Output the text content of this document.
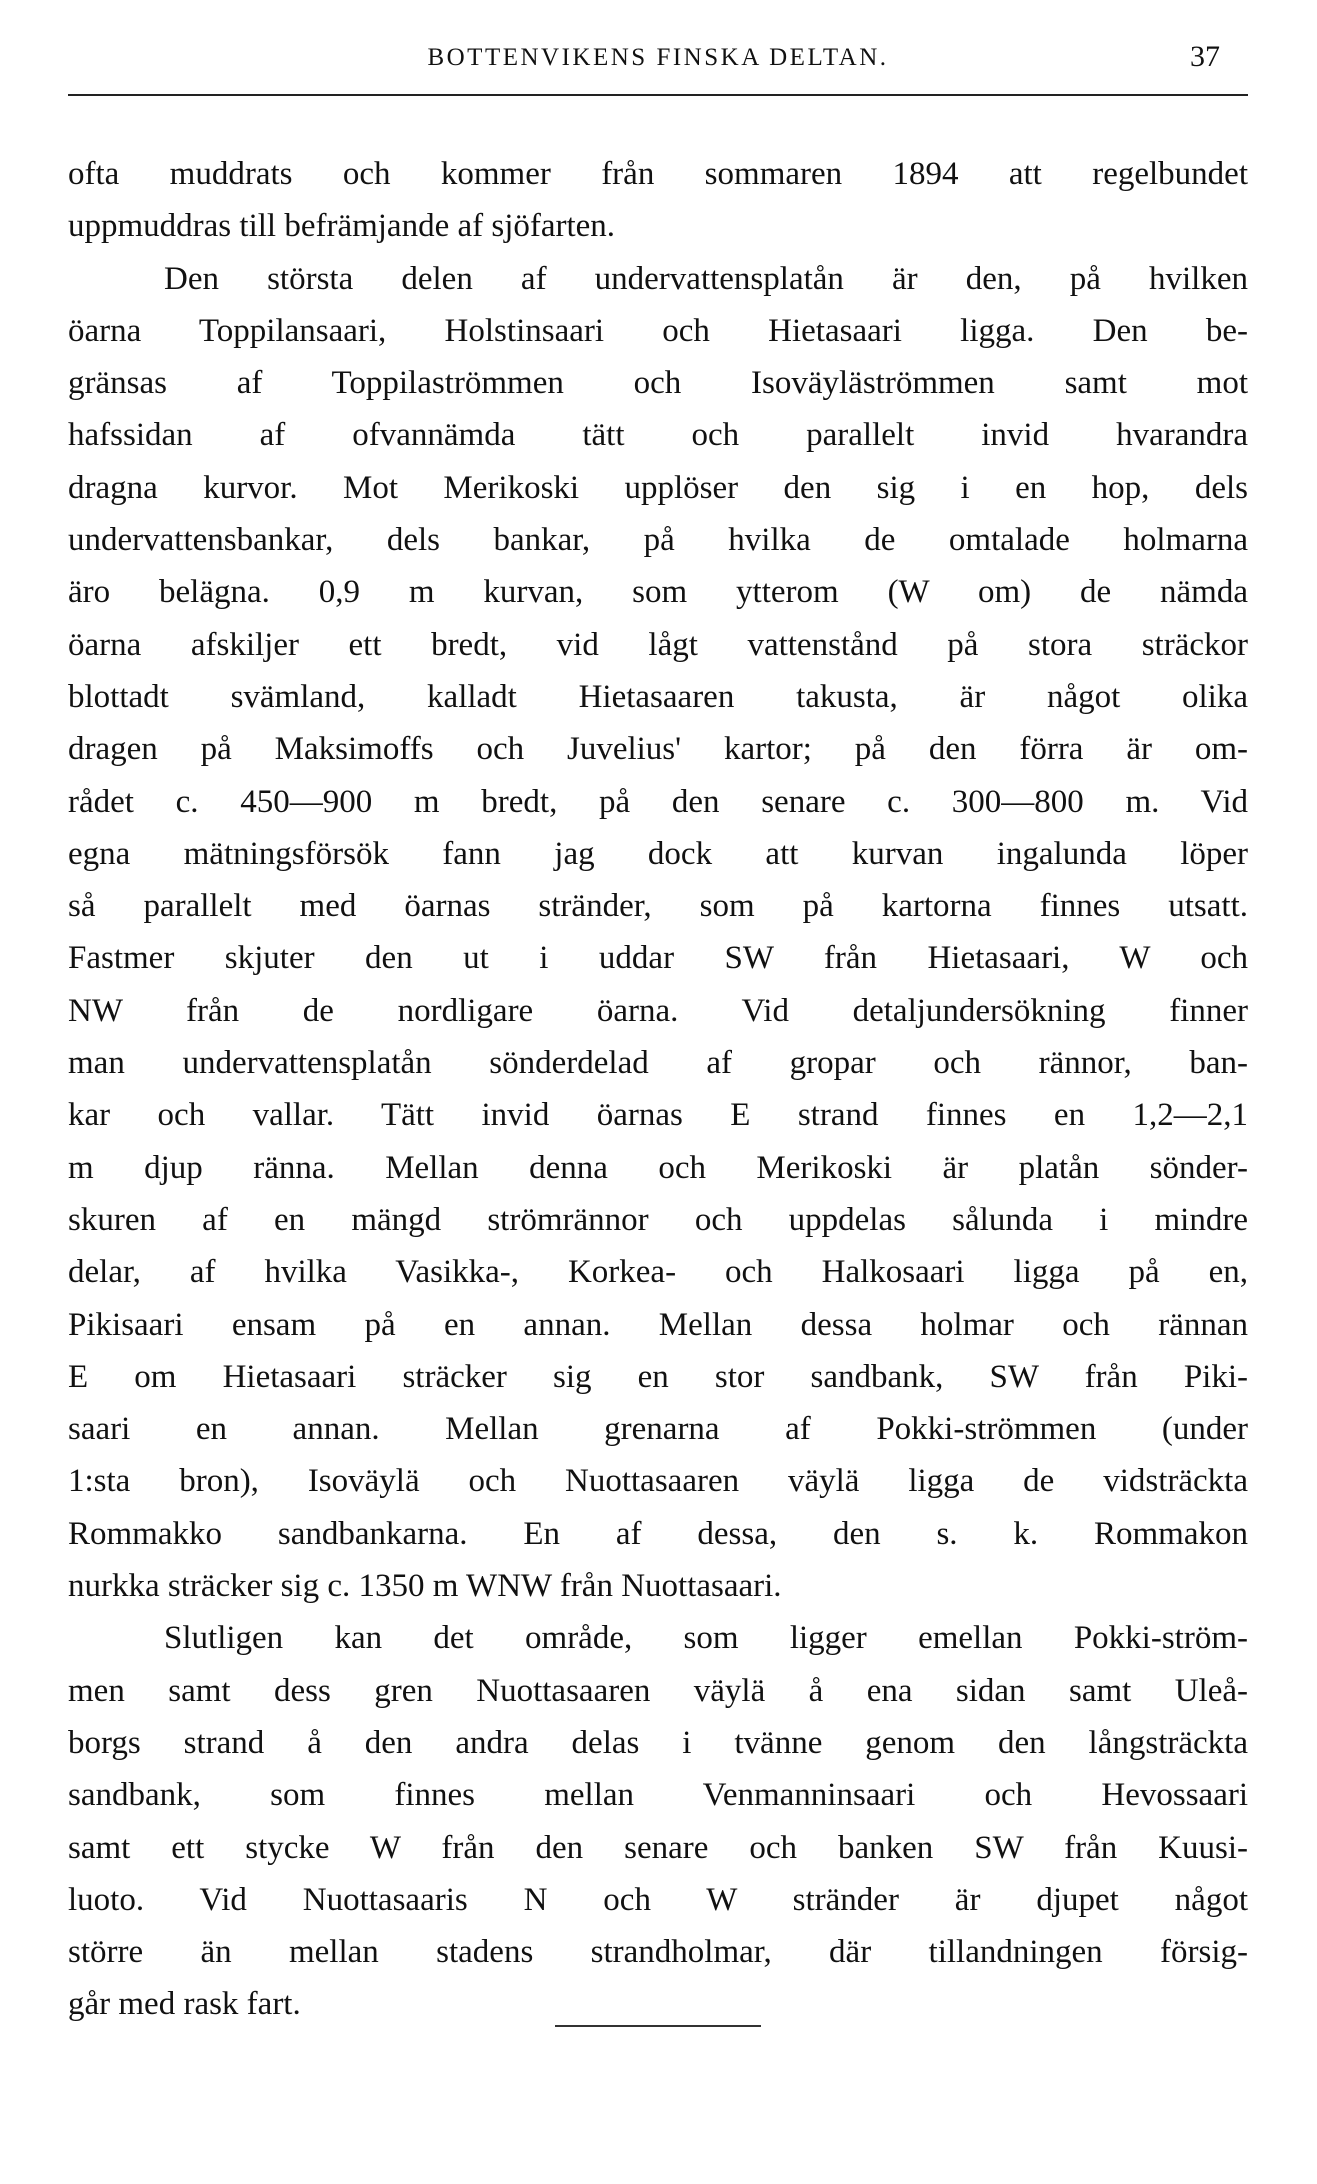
BOTTENVIKENS FINSKA DELTAN.	37
ofta muddrats och kommer från sommaren 1894 att regelbundet
uppmuddras till befrämjande af sjöfarten.
Den största delen af undervattensplatån är den, på hvilken
öarna Toppilansaari, Holstinsaari och Hietasaari ligga. Den be-
gränsas af Toppilaströmmen och Isoväyläströmmen samt mot
hafssidan af ofvannämda tätt och parallelt invid hvarandra
dragna kurvor. Mot Merikoski upplöser den sig i en hop, dels
undervattensbankar, dels bankar, på hvilka de omtalade holmarna
äro belägna. 0,9 m kurvan, som ytterom (W om) de nämda
öarna afskiljer ett bredt, vid lågt vattenstånd på stora sträckor
blottadt svämland, kalladt Hietasaaren takusta, är något olika
dragen på Maksimoffs och Juvelius' kartor; på den förra är om-
rådet c. 450—900 m bredt, på den senare c. 300—800 m. Vid
egna mätningsförsök fann jag dock att kurvan ingalunda löper
så parallelt med öarnas stränder, som på kartorna finnes utsatt.
Fastmer skjuter den ut i uddar SW från Hietasaari, W och
NW från de nordligare öarna. Vid detaljundersökning finner
man undervattensplatån sönderdelad af gropar och rännor, ban-
kar och vallar. Tätt invid öarnas E strand finnes en 1,2—2,1
m djup ränna. Mellan denna och Merikoski är platån sönder-
skuren af en mängd strömrännor och uppdelas sålunda i mindre
delar, af hvilka Vasikka-, Korkea- och Halkosaari ligga på en,
Pikisaari ensam på en annan. Mellan dessa holmar och rännan
E om Hietasaari sträcker sig en stor sandbank, SW från Piki-
saari en annan. Mellan grenarna af Pokki-strömmen (under
1:sta bron), Isoväylä och Nuottasaaren väylä ligga de vidsträckta
Rommakko sandbankarna. En af dessa, den s. k. Rommakon
nurkka sträcker sig c. 1350 m WNW från Nuottasaari.
Slutligen kan det område, som ligger emellan Pokki-ström-
men samt dess gren Nuottasaaren väylä å ena sidan samt Uleå-
borgs strand å den andra delas i tvänne genom den långsträckta
sandbank, som finnes mellan Venmanninsaari och Hevossaari
samt ett stycke W från den senare och banken SW från Kuusi-
luoto. Vid Nuottasaaris N och W stränder är djupet något
större än mellan stadens strandholmar, där tillandningen försig-
går med rask fart.
